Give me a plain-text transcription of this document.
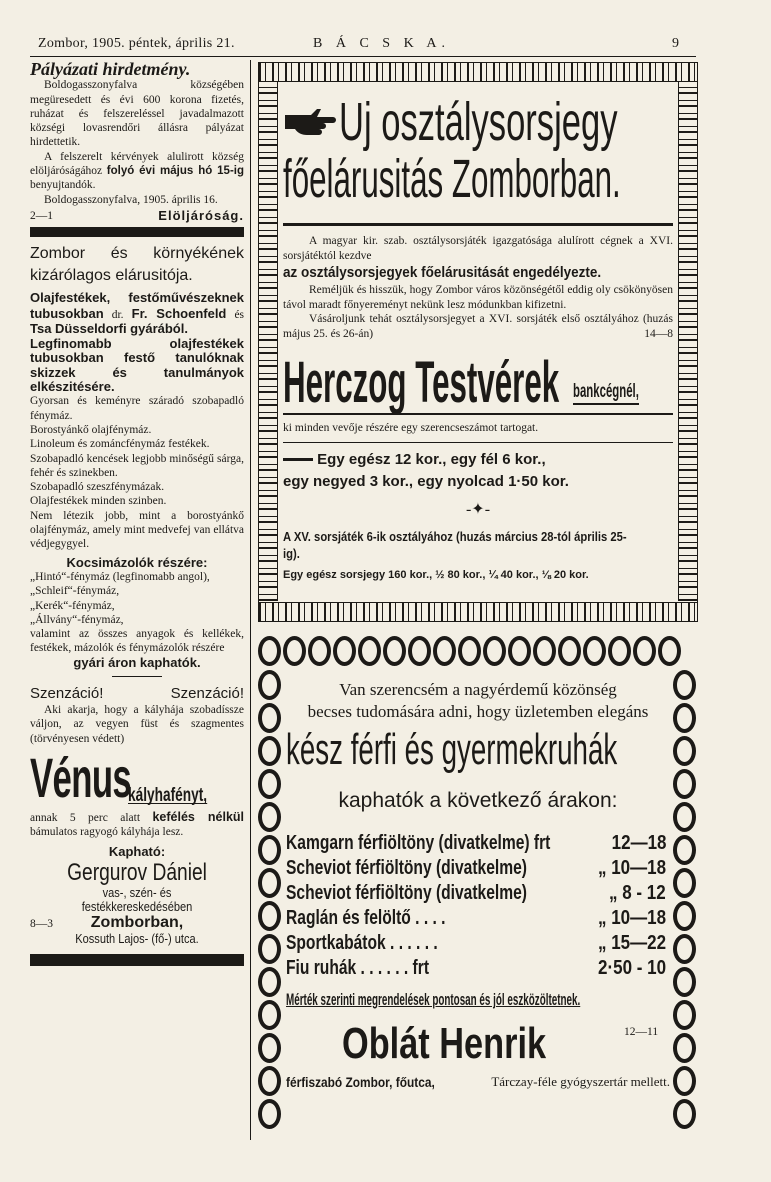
Zombor, 1905. péntek, április 21.	B Á C S K A.	9
Pályázati hirdetmény.

Boldogasszonyfalva községében megüresedett és évi 600 korona fizetés, ruházat és felszereléssel javadalmazott községi lovasrendőri állásra pályázat hirdettetik.

A felszerelt kérvények alulirott község elöljáróságához folyó évi május hó 15-ig benyujtandók.

Boldogasszonyfalva, 1905. április 16.

2—1	Elöljáróság.

Zombor és környékének kizárólagos elárusitója.

Olajfestékek, festőművészeknek tubusokban dr. Fr. Schoenfeld és Tsa Düsseldorfi gyárából.

Legfinomabb olajfestékek tubusokban festő tanulóknak skizzek és tanulmányok elkészitésére.

Gyorsan és keményre száradó szobapadló fénymáz.

Borostyánkő olajfénymáz.

Linoleum és zománcfénymáz festékek.

Szobapadló kencések legjobb minőségű sárga, fehér és szinekben.

Szobapadló szeszfénymázak.

Olajfestékek minden szinben.

Nem létezik jobb, mint a borostyánkő olajfénymáz, amely mint medvefej van ellátva védjegygyel.

Kocsimázolók részére:

„Hintó“-fénymáz (legfinomabb angol),

„Schleif“-fénymáz,

„Kerék“-fénymáz,

„Állvány“-fénymáz,

valamint az összes anyagok és kellékek, festékek, mázolók és fénymázolók részére

gyári áron kaphatók.

Szenzáció!	Szenzáció!

Aki akarja, hogy a kályhája szobadíssze váljon, az vegyen füst és szagmentes (törvényesen védett)

Vénus
kályhafényt,

annak 5 perc alatt kefélés nélkül bámulatos ragyogó kályhája lesz.

Kapható:

Gergurov Dániel

vas-, szén- és festékkereskedésében

8—3	Zomborban,

Kossuth Lajos- (fő-) utca.

Uj osztálysorsjegy
főelárusitás Zomborban.

A magyar kir. szab. osztálysorsjáték igazgatósága alulírott cégnek a XVI. sorsjátéktól kezdve

az osztálysorsjegyek főelárusitását engedélyezte.

Reméljük és hisszük, hogy Zombor város közönségétől eddig oly csökönyösen távol maradt főnyereményt nekünk lesz módunkban kifizetni.

Vásároljunk tehát osztálysorsjegyet a XVI. sorsjáték első osztályához (huzás május 25. és 26-án)	14—8

Herczog Testvérek bankcégnél,

ki minden vevője részére egy szerencseszámot tartogat.

Egy egész 12 kor., egy fél 6 kor.,

egy negyed 3 kor., egy nyolcad 1·50 kor.

-✦-

A XV. sorsjáték 6-ik osztályához (huzás március 28-tól április 25-ig).

Egy egész sorsjegy 160 kor., ½ 80 kor., ¼ 40 kor., ⅛ 20 kor.

Van szerencsém a nagyérdemű közönség
becses tudomására adni, hogy üzletemben elegáns
kész férfi és gyermekruhák
kaphatók a következő árakon:
Kamgarn férfiöltöny (divatkelme) frt	12—18
Scheviot férfiöltöny (divatkelme)	„ 10—18
Scheviot férfiöltöny (divatkelme)	„ 8 - 12
Raglán és felöltő . . . .	„ 10—18
Sportkabátok . . . . . .	„ 15—22
Fiu ruhák . . . . . . frt	2·50 - 10
Mérték szerinti megrendelések pontosan és jól eszközöltetnek.
Oblát Henrik	12—11
férfiszabó Zombor, főutca,	Tárczay-féle gyógyszertár mellett.
